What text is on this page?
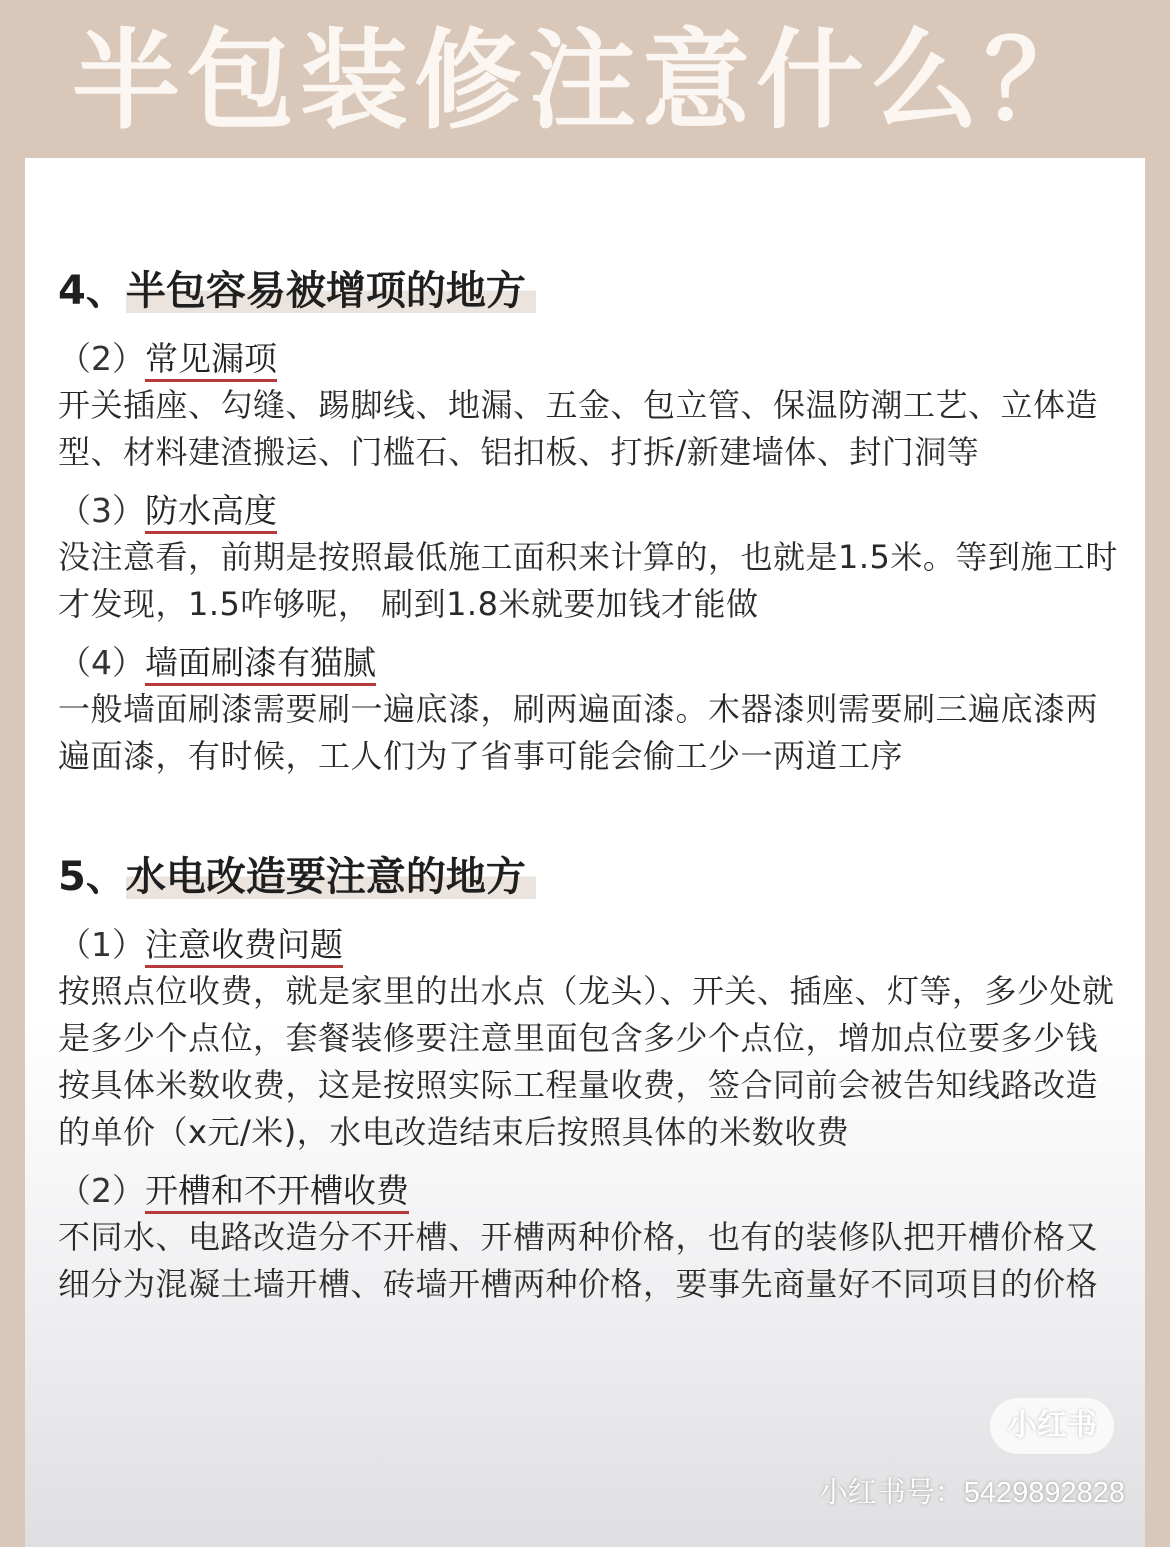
半包装修注意什么？
4、 半包容易被增项的地方
（2）常见漏项
开关插座、勾缝、踢脚线、地漏、五金、包立管、保温防潮工艺、立体造型、材料建渣搬运、门槛石、铝扣板、打拆/新建墙体、封门洞等
（3）防水高度
没注意看，前期是按照最低施工面积来计算的，也就是1.5米。等到施工时才发现，1.5咋够呢， 刷到1.8米就要加钱才能做
（4）墙面刷漆有猫腻
一般墙面刷漆需要刷一遍底漆，刷两遍面漆。木器漆则需要刷三遍底漆两遍面漆，有时候，工人们为了省事可能会偷工少一两道工序
5、 水电改造要注意的地方
（1）注意收费问题
按照点位收费，就是家里的出水点（龙头）、开关、插座、灯等，多少处就是多少个点位，套餐装修要注意里面包含多少个点位，增加点位要多少钱按具体米数收费，这是按照实际工程量收费，签合同前会被告知线路改造的单价（x元/米)，水电改造结束后按照具体的米数收费
（2）开槽和不开槽收费
不同水、电路改造分不开槽、开槽两种价格，也有的装修队把开槽价格又细分为混凝土墙开槽、砖墙开槽两种价格，要事先商量好不同项目的价格
小红书
小红书号：5429892828
